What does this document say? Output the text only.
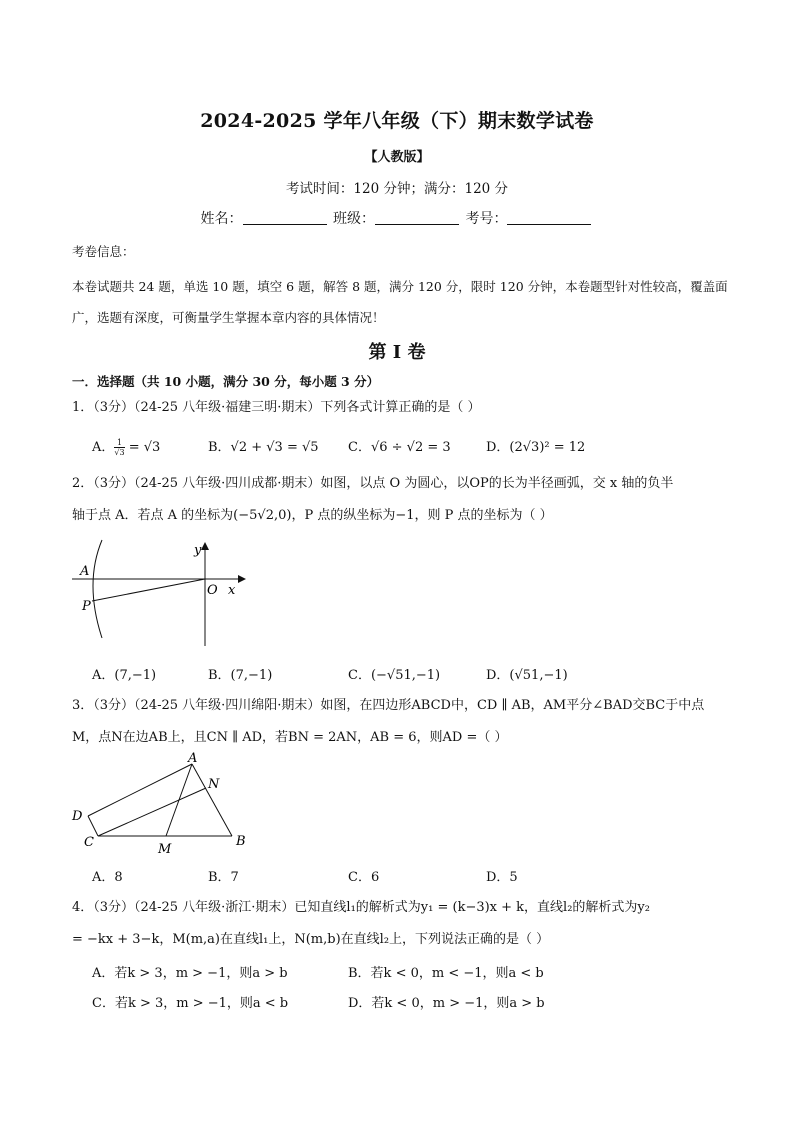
2024-2025 学年八年级（下）期末数学试卷
【人教版】
考试时间：120 分钟；满分：120 分
姓名：	班级：	考号：
考卷信息：
本卷试题共 24 题，单选 10 题，填空 6 题，解答 8 题，满分 120 分，限时 120 分钟，本卷题型针对性较高，覆盖面广，选题有深度，可衡量学生掌握本章内容的具体情况！
第 I 卷
一．选择题（共 10 小题，满分 30 分，每小题 3 分）
1．（3分）（24-25 八年级·福建三明·期末）下列各式计算正确的是（ ）
A． $\frac{1}{√3} = √3$	B．√2 + √3 = √5 C．√6 ÷ √2 = 3	D．(2√3)² = 12
2．（3分）（24-25 八年级·四川成都·期末）如图，以点 O 为圆心，以OP的长为半径画弧，交 x 轴的负半
轴于点 A．若点 A 的坐标为(−5√2,0)，P 点的纵坐标为−1，则 P 点的坐标为（ ）
y
A
O x
P
A．(7,−1)	B．(7,−1)	C．(−√51,−1)	D．(√51,−1)
3．（3分）（24-25 八年级·四川绵阳·期末）如图，在四边形ABCD中，CD ∥ AB，AM平分∠BAD交BC于中点
M，点N在边AB上，且CN ∥ AD，若BN = 2AN，AB = 6，则AD =（ ）
A
N
D
C	M
B
A．8	B．7	C．6	D．5
4．（3分）（24-25 八年级·浙江·期末）已知直线l₁的解析式为y₁ = (k−3)x + k，直线l₂的解析式为y₂
= −kx + 3−k，M(m,a)在直线l₁上，N(m,b)在直线l₂上，下列说法正确的是（ ）
A．若k > 3，m > −1，则a > b	B．若k < 0，m < −1，则a < b
C．若k > 3，m > −1，则a < b	D．若k < 0，m > −1，则a > b
